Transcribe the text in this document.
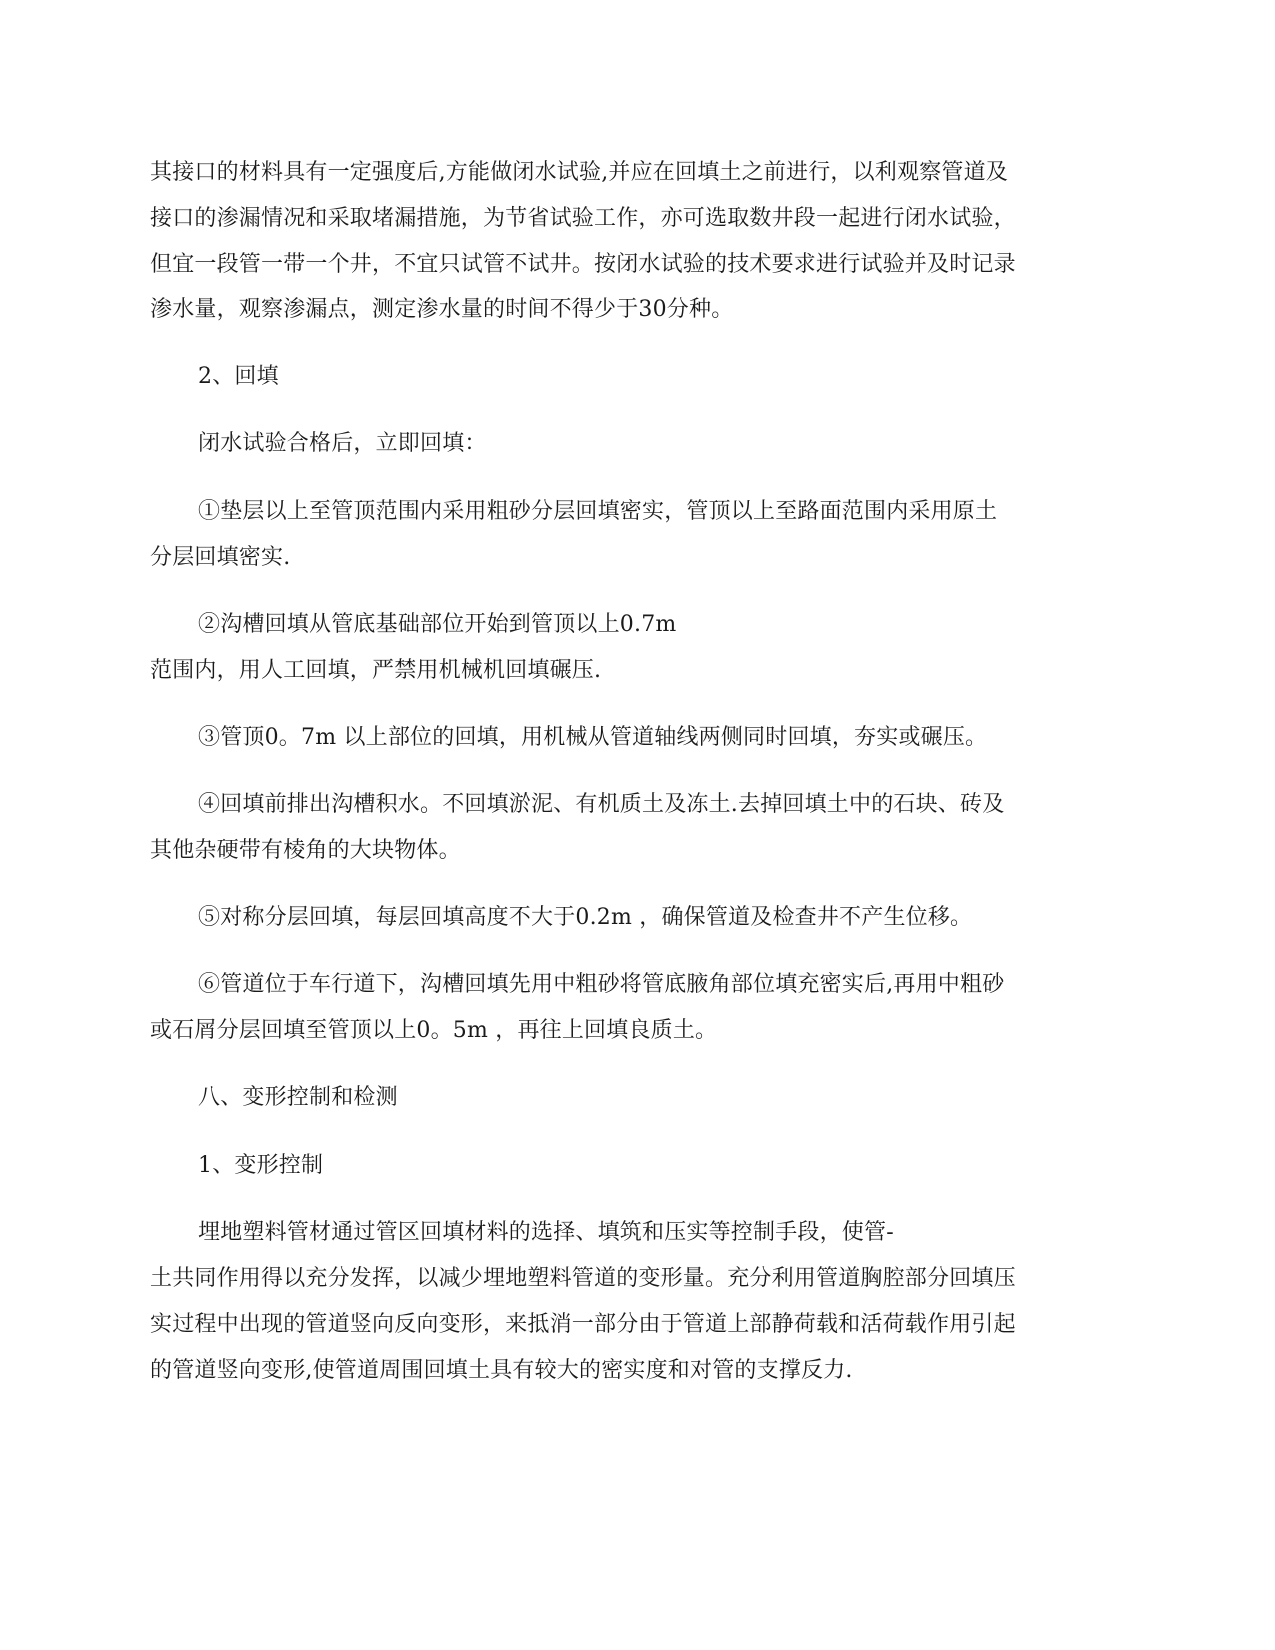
其接口的材料具有一定强度后,方能做闭水试验,并应在回填土之前进行，以利观察管道及
接口的渗漏情况和采取堵漏措施，为节省试验工作，亦可选取数井段一起进行闭水试验，
但宜一段管一带一个井，不宜只试管不试井。按闭水试验的技术要求进行试验并及时记录
渗水量，观察渗漏点，测定渗水量的时间不得少于30分种。
2、回填
闭水试验合格后，立即回填：
①垫层以上至管顶范围内采用粗砂分层回填密实，管顶以上至路面范围内采用原土
分层回填密实.
②沟槽回填从管底基础部位开始到管顶以上0.7m
范围内，用人工回填，严禁用机械机回填碾压.
③管顶0。7m 以上部位的回填，用机械从管道轴线两侧同时回填，夯实或碾压。
④回填前排出沟槽积水。不回填淤泥、有机质土及冻土.去掉回填土中的石块、砖及
其他杂硬带有棱角的大块物体。
⑤对称分层回填，每层回填高度不大于0.2m ，确保管道及检查井不产生位移。
⑥管道位于车行道下，沟槽回填先用中粗砂将管底腋角部位填充密实后,再用中粗砂
或石屑分层回填至管顶以上0。5m ，再往上回填良质土。
八、变形控制和检测
1、变形控制
埋地塑料管材通过管区回填材料的选择、填筑和压实等控制手段，使管-
土共同作用得以充分发挥，以减少埋地塑料管道的变形量。充分利用管道胸腔部分回填压
实过程中出现的管道竖向反向变形，来抵消一部分由于管道上部静荷载和活荷载作用引起
的管道竖向变形,使管道周围回填土具有较大的密实度和对管的支撑反力.
